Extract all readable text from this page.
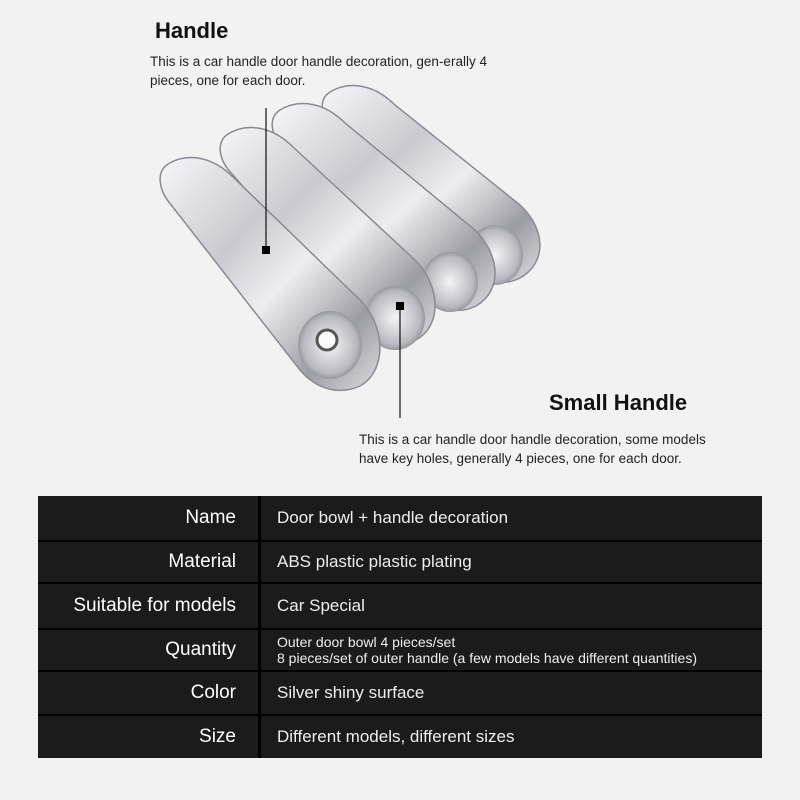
Handle
This is a car handle door handle decoration, gen-erally 4 pieces, one for each door.
Small Handle
This is a car handle door handle decoration, some models have key holes, generally 4 pieces, one for each door.
Name	Door bowl + handle decoration
Material	ABS plastic plastic plating
Suitable for models	Car Special
Quantity	Outer door bowl 4 pieces/set
8 pieces/set of outer handle (a few models have different quantities)
Color	Silver shiny surface
Size	Different models, different sizes
